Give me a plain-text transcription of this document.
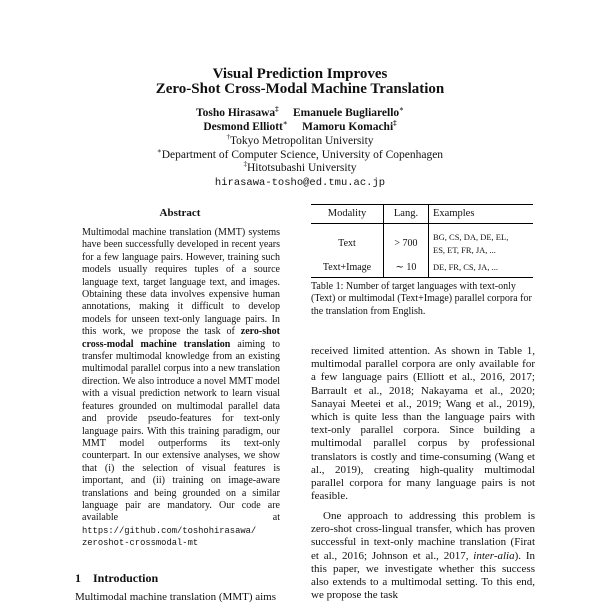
Visual Prediction Improves
Zero-Shot Cross-Modal Machine Translation
Tosho Hirasawa‡ Emanuele Bugliarello∗
Desmond Elliott∗ Mamoru Komachi‡
†Tokyo Metropolitan University
∗Department of Computer Science, University of Copenhagen
‡Hitotsubashi University
hirasawa-tosho@ed.tmu.ac.jp
Abstract
Multimodal machine translation (MMT) systems have been successfully developed in recent years for a few language pairs. However, training such models usually requires tuples of a source language text, target language text, and images. Obtaining these data involves expensive human annotations, making it difficult to develop models for unseen text-only language pairs. In this work, we propose the task of zero-shot cross-modal machine translation aiming to transfer multimodal knowledge from an existing multimodal parallel corpus into a new translation direction. We also introduce a novel MMT model with a visual prediction network to learn visual features grounded on multimodal parallel data and provide pseudo-features for text-only language pairs. With this training paradigm, our MMT model outperforms its text-only counterpart. In our extensive analyses, we show that (i) the selection of visual features is important, and (ii) training on image-aware translations and being grounded on a similar language pair are mandatory. Our code are available at https://github.com/toshohirasawa/
zeroshot-crossmodal-mt
1 Introduction
Multimodal machine translation (MMT) aims
Modality	Lang.	Examples
Text	> 700	BG, CS, DA, DE, EL,
ES, ET, FR, JA, ...
Text+Image	∼ 10	DE, FR, CS, JA, ...
Table 1: Number of target languages with text-only (Text) or multimodal (Text+Image) parallel corpora for the translation from English.
received limited attention. As shown in Table 1, multimodal parallel corpora are only available for a few language pairs (Elliott et al., 2016, 2017; Barrault et al., 2018; Nakayama et al., 2020; Sanayai Meetei et al., 2019; Wang et al., 2019), which is quite less than the language pairs with text-only parallel corpora. Since building a multimodal parallel corpus by professional translators is costly and time-consuming (Wang et al., 2019), creating high-quality multimodal parallel corpora for many language pairs is not feasible.
One approach to addressing this problem is zero-shot cross-lingual transfer, which has proven successful in text-only machine translation (Firat et al., 2016; Johnson et al., 2017, inter-alia). In this paper, we investigate whether this success also extends to a multimodal setting. To this end, we propose the task
